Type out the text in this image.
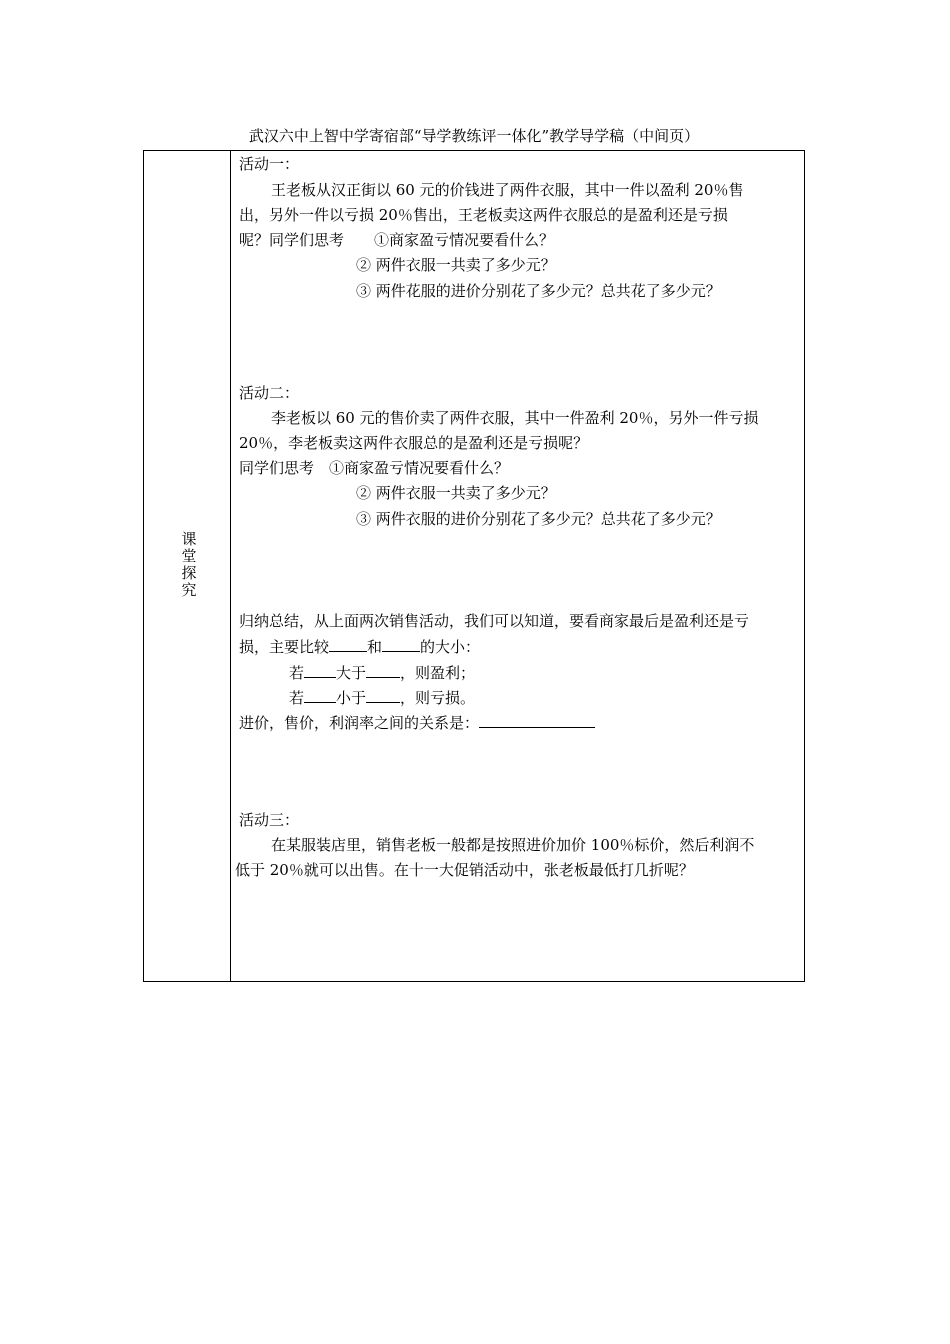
武汉六中上智中学寄宿部“导学教练评一体化”教学导学稿（中间页）
课
堂
探
究
活动一：
王老板从汉正街以 60 元的价钱进了两件衣服，其中一件以盈利 20％售
出，另外一件以亏损 20％售出，王老板卖这两件衣服总的是盈利还是亏损
呢？同学们思考　　①商家盈亏情况要看什么？
② 两件衣服一共卖了多少元？
③ 两件花服的进价分别花了多少元？总共花了多少元？
活动二：
李老板以 60 元的售价卖了两件衣服，其中一件盈利 20％，另外一件亏损
20％，李老板卖这两件衣服总的是盈利还是亏损呢？
同学们思考　①商家盈亏情况要看什么？
② 两件衣服一共卖了多少元？
③ 两件衣服的进价分别花了多少元？总共花了多少元？
归纳总结，从上面两次销售活动，我们可以知道，要看商家最后是盈利还是亏
损，主要比较	和	的大小：
若 大于 ，则盈利；
若 小于 ，则亏损。
进价，售价，利润率之间的关系是：
活动三：
在某服装店里，销售老板一般都是按照进价加价 100％标价，然后利润不
低于 20％就可以出售。在十一大促销活动中，张老板最低打几折呢？
